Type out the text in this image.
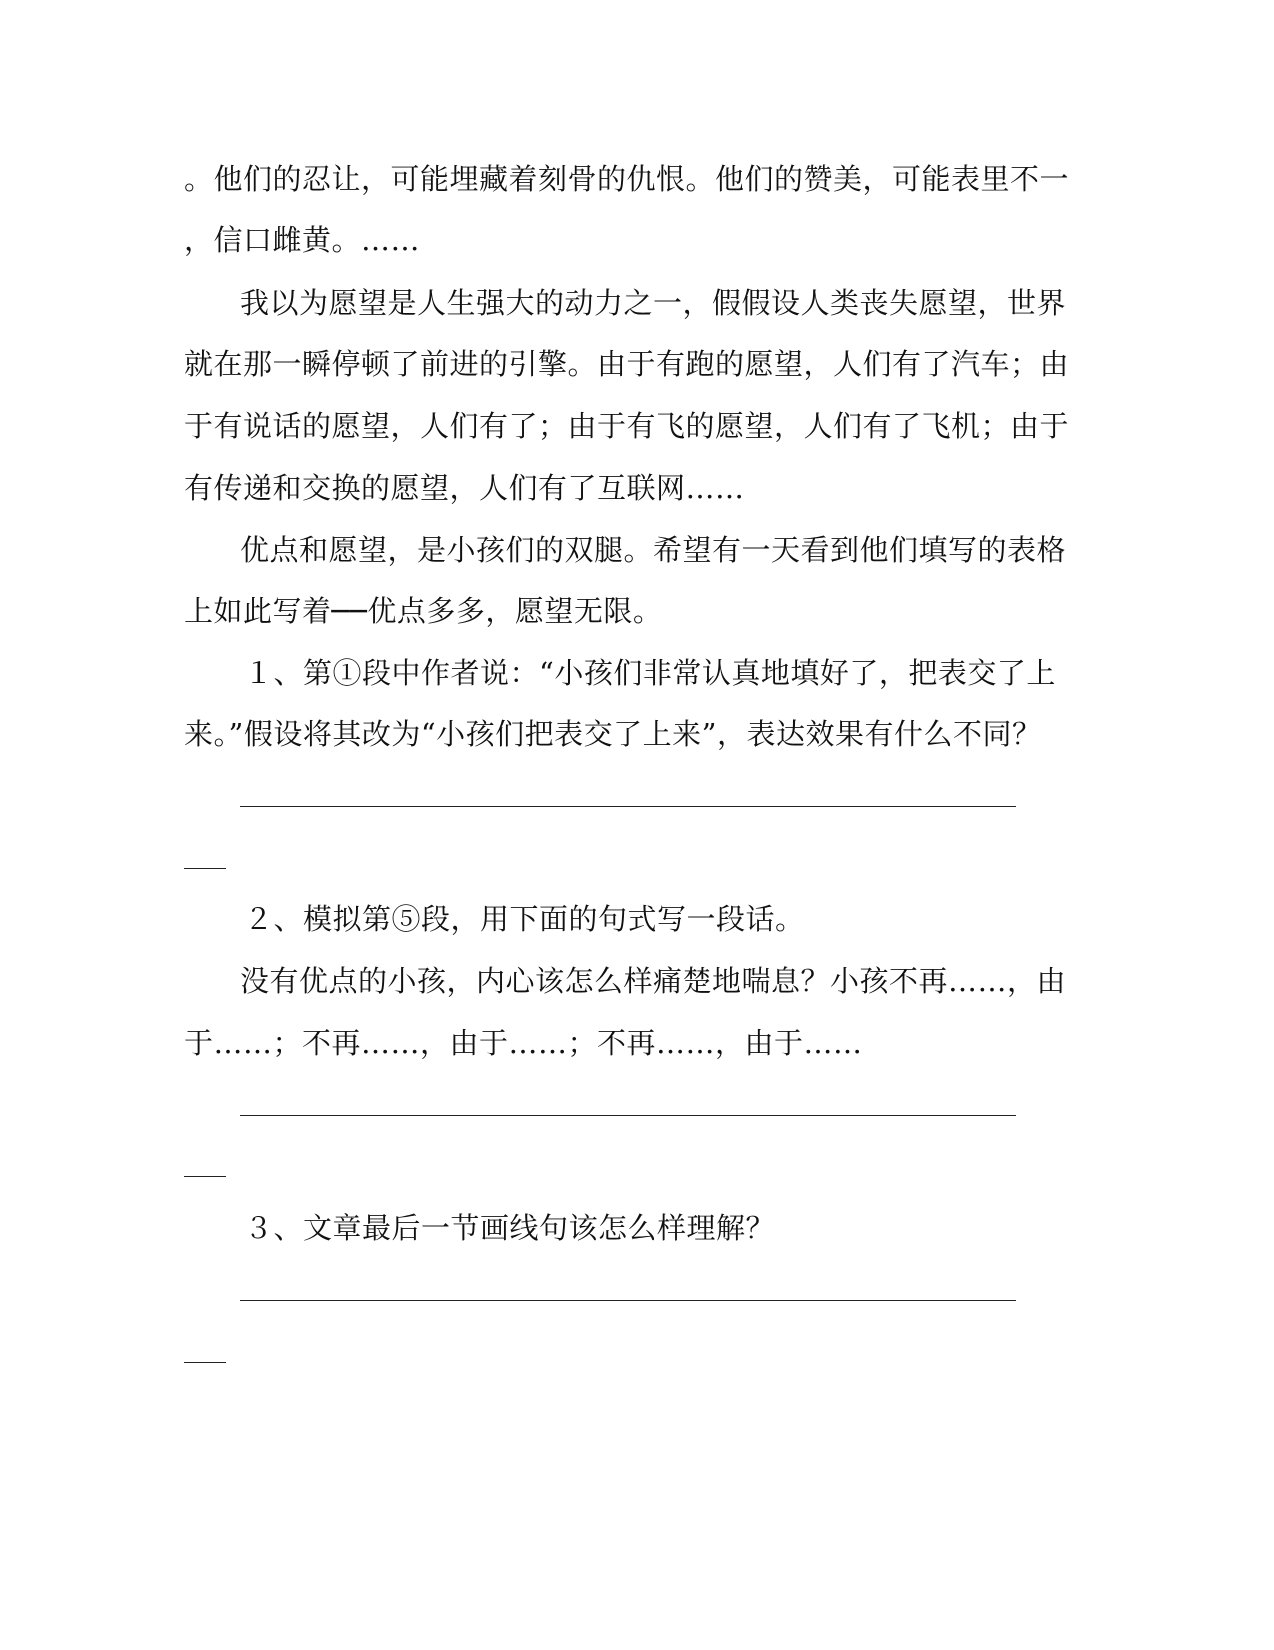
。他们的忍让，可能埋藏着刻骨的仇恨。他们的赞美，可能表里不一
，信口雌黄。……
我以为愿望是人生强大的动力之一，假假设人类丧失愿望，世界
就在那一瞬停顿了前进的引擎。由于有跑的愿望，人们有了汽车；由
于有说话的愿望，人们有了；由于有飞的愿望，人们有了飞机；由于
有传递和交换的愿望，人们有了互联网……
优点和愿望，是小孩们的双腿。希望有一天看到他们填写的表格
上如此写着──优点多多，愿望无限。
１、第①段中作者说：“小孩们非常认真地填好了，把表交了上
来。”假设将其改为“小孩们把表交了上来”，表达效果有什么不同？
２、模拟第⑤段，用下面的句式写一段话。
没有优点的小孩，内心该怎么样痛楚地喘息？小孩不再……，由
于……；不再……，由于……；不再……，由于……
３、文章最后一节画线句该怎么样理解？
